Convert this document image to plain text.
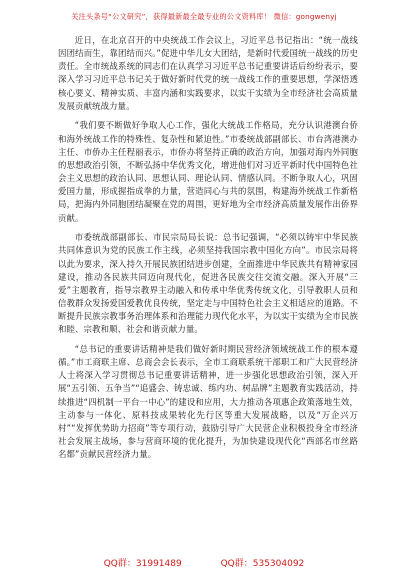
关注头条号“公文研究”，获得最新最全最专业的公文资料库！ 微信：gongwenyj

近日，在北京召开的中央统战工作会议上，习近平总书记指出：“统一战线因团结而生，靠团结而兴。”促进中华儿女大团结，是新时代爱国统一战线的历史责任。全市统战系统的同志们在认真学习习近平总书记重要讲话后纷纷表示，要深入学习习近平总书记关于做好新时代党的统一战线工作的重要思想，学深悟透核心要义、精神实质、丰富内涵和实践要求，以实干实绩为全市经济社会高质量发展贡献统战力量。

“我们要不断做好争取人心工作，强化大统战工作格局，充分认识港澳台侨和海外统战工作的特殊性、复杂性和紧迫性。”市委统战部副部长、市台湾港澳办主任、市侨办主任程丽表示，市侨办将坚持正确的政治方向，加强对海内外同胞的思想政治引领，不断弘扬中华优秀文化，增进他们对习近平新时代中国特色社会主义思想的政治认同、思想认同、理论认同、情感认同。不断争取人心，巩固爱国力量，形成握指成拳的力量，营造同心与共的氛围，构建海外统战工作新格局，把海内外同胞团结凝聚在党的周围，更好地为全市经济高质量发展作出侨界贡献。

市委统战部副部长、市民宗局局长说：总书记强调，“必须以铸牢中华民族共同体意识为党的民族工作主线，必须坚持我国宗教中国化方向”。市民宗局将以此为要求，深入持久开展民族团结进步创建，全面推进中华民族共有精神家园建设，推动各民族共同迈向现代化，促进各民族交往交流交融。深入开展“三爱”主题教育，指导宗教界主动融入和传承中华优秀传统文化，引导教职人员和信教群众发扬爱国爱教优良传统，坚定走与中国特色社会主义相适应的道路。不断提升民族宗教事务治理体系和治理能力现代化水平，为以实干实绩为全市民族和睦、宗教和顺、社会和谐贡献力量。

“总书记的重要讲话精神是我们做好新时期民营经济领域统战工作的根本遵循。”市工商联主席、总商会会长表示，全市工商联系统干部职工和广大民营经济人士将深入学习贯彻总书记重要讲话精神，进一步强化思想政治引领，深入开展“五引领、五争当”“追盛会、铸忠诚、练内功、树品牌”主题教育实践活动，持续推进“四机制一平台一中心”的建设和应用，大力推动各项惠企政策落地生效，主动参与一体化、原料技成果转化先行区等重大发展战略，以及“万企兴万村”“发挥优势助力招商”等专项行动，鼓励引导广大民营企业积极投身全市经济社会发展主战场，参与营商环境的优化提升，为加快建设现代化“西部名市丝路名都”贡献民营经济力量。

QQ群：31991489	QQ群：535304092
